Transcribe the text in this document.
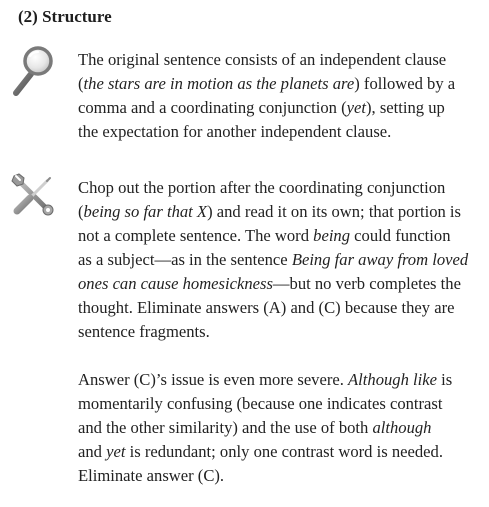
(2) Structure
The original sentence consists of an independent clause
(the stars are in motion as the planets are) followed by a
comma and a coordinating conjunction (yet), setting up
the expectation for another independent clause.
Chop out the portion after the coordinating conjunction
(being so far that X) and read it on its own; that portion is
not a complete sentence. The word being could function
as a subject—as in the sentence Being far away from loved
ones can cause homesickness—but no verb completes the
thought. Eliminate answers (A) and (C) because they are
sentence fragments.
Answer (C)’s issue is even more severe. Although like is
momentarily confusing (because one indicates contrast
and the other similarity) and the use of both although
and yet is redundant; only one contrast word is needed.
Eliminate answer (C).
